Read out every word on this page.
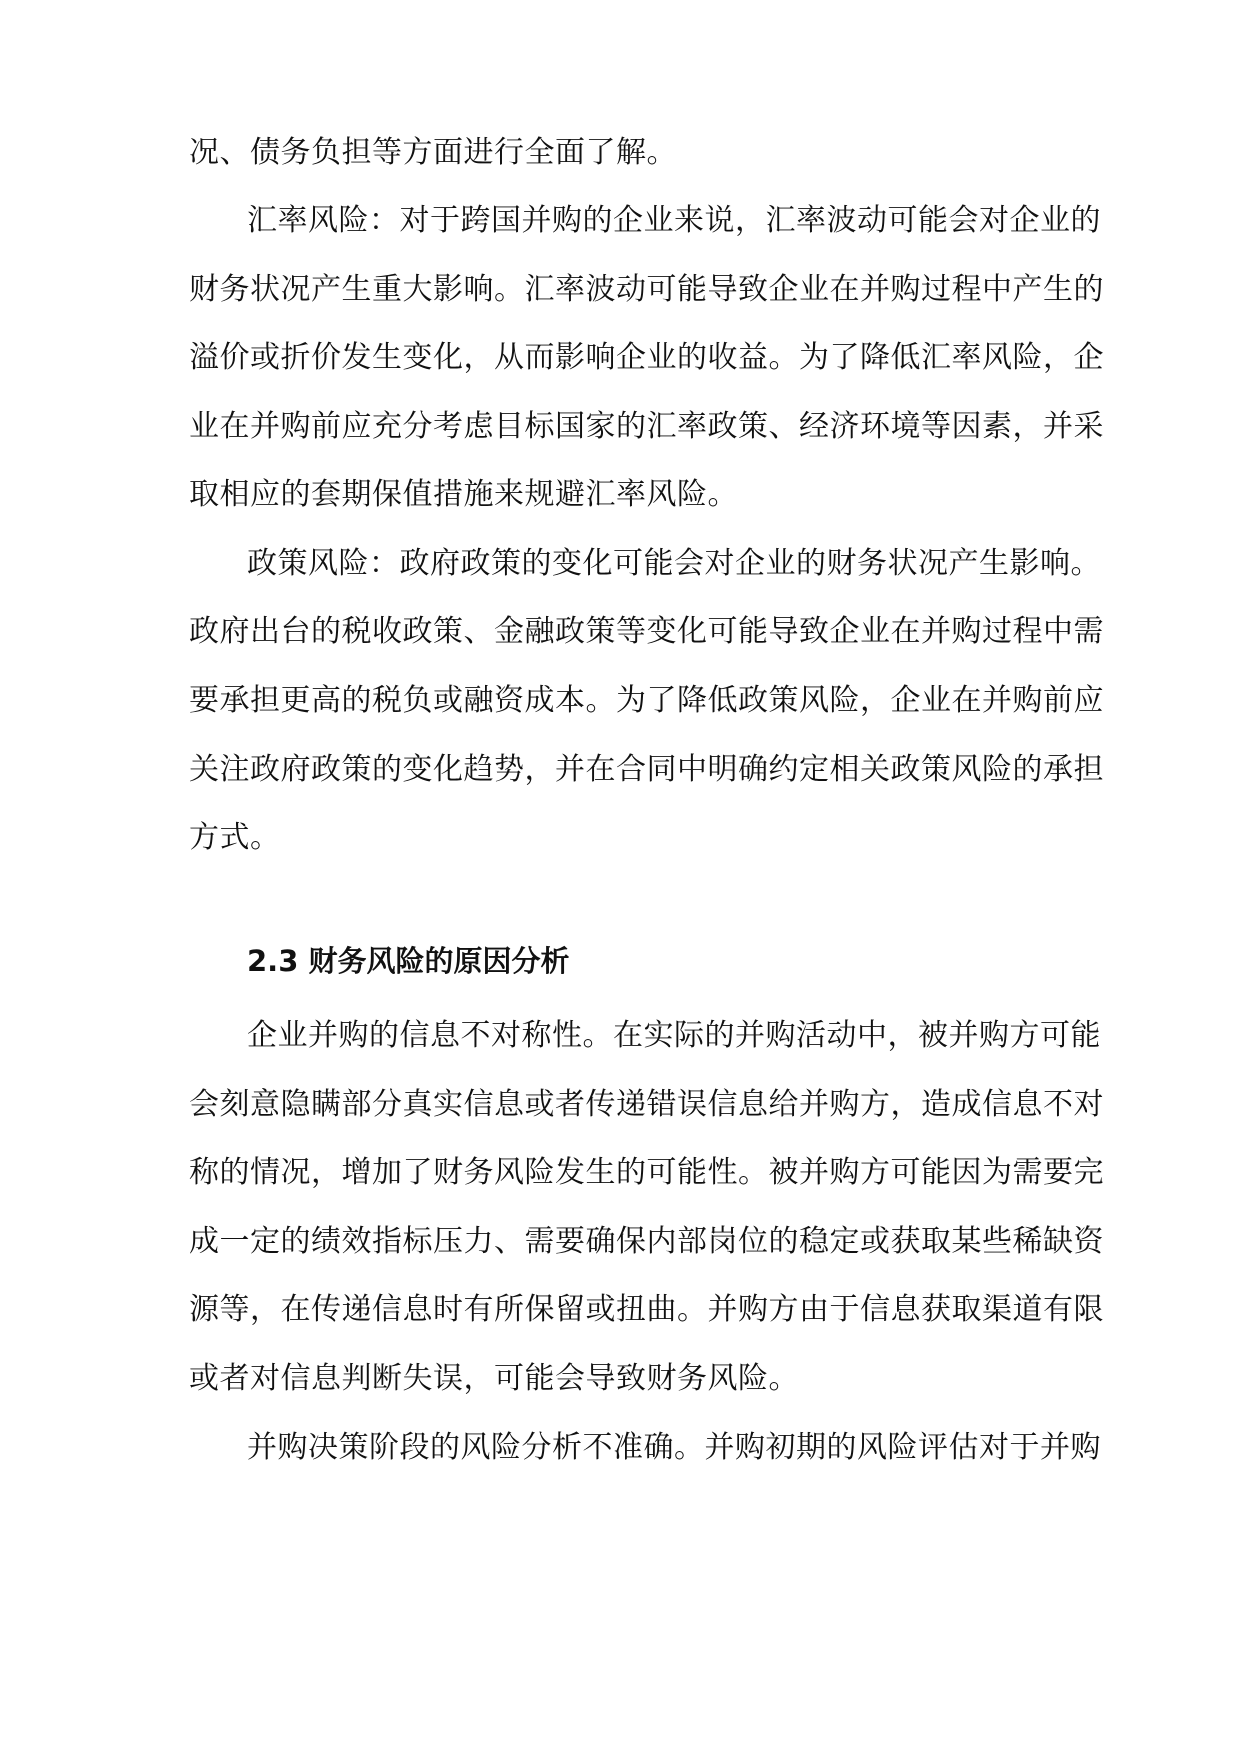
况、债务负担等方面进行全面了解。
汇率风险：对于跨国并购的企业来说，汇率波动可能会对企业的
财务状况产生重大影响。汇率波动可能导致企业在并购过程中产生的
溢价或折价发生变化，从而影响企业的收益。为了降低汇率风险，企
业在并购前应充分考虑目标国家的汇率政策、经济环境等因素，并采
取相应的套期保值措施来规避汇率风险。
政策风险：政府政策的变化可能会对企业的财务状况产生影响。
政府出台的税收政策、金融政策等变化可能导致企业在并购过程中需
要承担更高的税负或融资成本。为了降低政策风险，企业在并购前应
关注政府政策的变化趋势，并在合同中明确约定相关政策风险的承担
方式。
2.3 财务风险的原因分析
企业并购的信息不对称性。在实际的并购活动中，被并购方可能
会刻意隐瞒部分真实信息或者传递错误信息给并购方，造成信息不对
称的情况，增加了财务风险发生的可能性。被并购方可能因为需要完
成一定的绩效指标压力、需要确保内部岗位的稳定或获取某些稀缺资
源等，在传递信息时有所保留或扭曲。并购方由于信息获取渠道有限
或者对信息判断失误，可能会导致财务风险。
并购决策阶段的风险分析不准确。并购初期的风险评估对于并购
